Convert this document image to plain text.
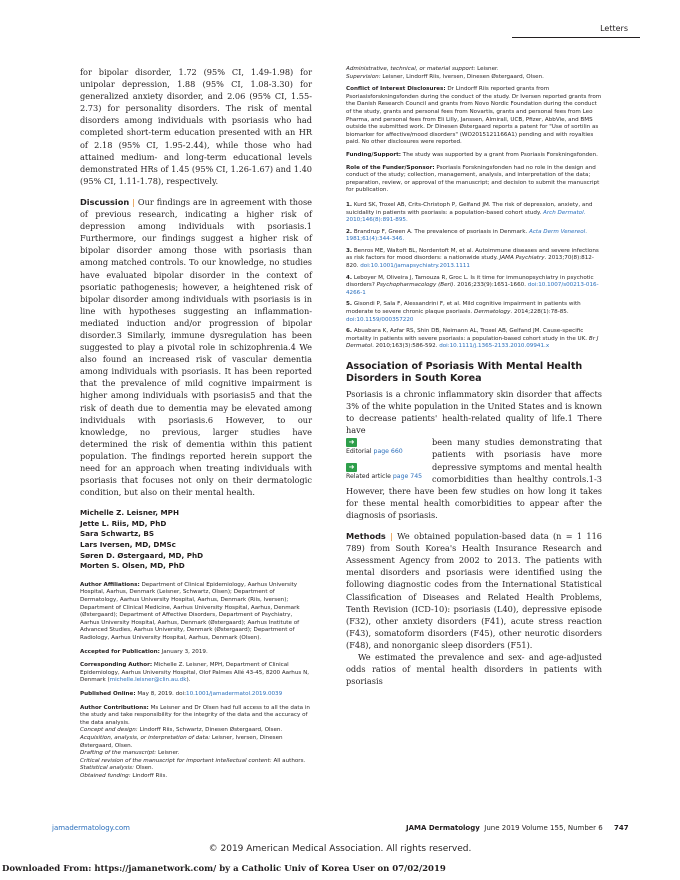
Letters

for bipolar disorder, 1.72 (95% CI, 1.49-1.98) for unipolar depression, 1.88 (95% CI, 1.08-3.30) for generalized anxiety disorder, and 2.06 (95% CI, 1.55-2.73) for personality disorders. The risk of mental disorders among individuals with psoriasis who had completed short-term education presented with an HR of 2.18 (95% CI, 1.95-2.44), while those who had attained medium- and long-term educational levels demonstrated HRs of 1.45 (95% CI, 1.26-1.67) and 1.40 (95% CI, 1.11-1.78), respectively.

Discussion | Our findings are in agreement with those of previous research, indicating a higher risk of depression among individuals with psoriasis.1 Furthermore, our findings suggest a higher risk of bipolar disorder among those with psoriasis than among matched controls. To our knowledge, no studies have evaluated bipolar disorder in the context of psoriatic pathogenesis; however, a heightened risk of bipolar disorder among individuals with psoriasis is in line with hypotheses suggesting an inflammation-mediated induction and/or progression of bipolar disorder.3 Similarly, immune dysregulation has been suggested to play a pivotal role in schizophrenia.4 We also found an increased risk of vascular dementia among individuals with psoriasis. It has been reported that the prevalence of mild cognitive impairment is higher among individuals with psoriasis5 and that the risk of death due to dementia may be elevated among individuals with psoriasis.6 However, to our knowledge, no previous, larger studies have determined the risk of dementia within this patient population. The findings reported herein support the need for an approach when treating individuals with psoriasis that focuses not only on their dermatologic condition, but also on their mental health.

Michelle Z. Leisner, MPH

Jette L. Riis, MD, PhD

Sara Schwartz, BS

Lars Iversen, MD, DMSc

Søren D. Østergaard, MD, PhD

Morten S. Olsen, MD, PhD

Author Affiliations: Department of Clinical Epidemiology, Aarhus University Hospital, Aarhus, Denmark (Leisner, Schwartz, Olsen); Department of Dermatology, Aarhus University Hospital, Aarhus, Denmark (Riis, Iversen); Department of Clinical Medicine, Aarhus University Hospital, Aarhus, Denmark (Østergaard); Department of Affective Disorders, Department of Psychiatry, Aarhus University Hospital, Aarhus, Denmark (Østergaard); Aarhus Institute of Advanced Studies, Aarhus University, Denmark (Østergaard); Department of Radiology, Aarhus University Hospital, Aarhus, Denmark (Olsen).

Accepted for Publication: January 3, 2019.

Corresponding Author: Michelle Z. Leisner, MPH, Department of Clinical Epidemiology, Aarhus University Hospital, Olof Palmes Allé 43-45, 8200 Aarhus N, Denmark (michelle.leisner@clin.au.dk).

Published Online: May 8, 2019. doi:10.1001/jamadermatol.2019.0039

Author Contributions: Ms Leisner and Dr Olsen had full access to all the data in the study and take responsibility for the integrity of the data and the accuracy of the data analysis.
Concept and design: Lindorff Riis, Schwartz, Dinesen Østergaard, Olsen.
Acquisition, analysis, or interpretation of data: Leisner, Iversen, Dinesen Østergaard, Olsen.
Drafting of the manuscript: Leisner.
Critical revision of the manuscript for important intellectual content: All authors.
Statistical analysis: Olsen.
Obtained funding: Lindorff Riis.

Administrative, technical, or material support: Leisner.
Supervision: Leisner, Lindorff Riis, Iversen, Dinesen Østergaard, Olsen.

Conflict of Interest Disclosures: Dr Lindorff Riis reported grants from Psoriasisforskningsfonden during the conduct of the study. Dr Iversen reported grants from the Danish Research Council and grants from Novo Nordic Foundation during the conduct of the study, grants and personal fees from Novartis, grants and personal fees from Leo Pharma, and personal fees from Eli Lilly, Janssen, Almirall, UCB, Pfizer, AbbVie, and BMS outside the submitted work. Dr Dinesen Østergaard reports a patent for "Use of sortilin as biomarker for affective/mood disorders" (WO2015121166A1) pending and with royalties paid. No other disclosures were reported.

Funding/Support: The study was supported by a grant from Psoriasis Forskningsfonden.

Role of the Funder/Sponsor: Psoriasis Forskningsfonden had no role in the design and conduct of the study; collection, management, analysis, and interpretation of the data; preparation, review, or approval of the manuscript; and decision to submit the manuscript for publication.

1. Kurd SK, Troxel AB, Crits-Christoph P, Gelfand JM. The risk of depression, anxiety, and suicidality in patients with psoriasis: a population-based cohort study. Arch Dermatol. 2010;146(8):891-895.

2. Brandrup F, Green A. The prevalence of psoriasis in Denmark. Acta Derm Venereol. 1981;61(4):344-346.

3. Benros ME, Waltoft BL, Nordentoft M, et al. Autoimmune diseases and severe infections as risk factors for mood disorders: a nationwide study. JAMA Psychiatry. 2013;70(8):812-820. doi:10.1001/jamapsychiatry.2013.1111

4. Leboyer M, Oliveira J, Tamouza R, Groc L. Is it time for immunopsychiatry in psychotic disorders? Psychopharmacology (Berl). 2016;233(9):1651-1660. doi:10.1007/s00213-016-4266-1

5. Gisondi P, Sala F, Alessandrini F, et al. Mild cognitive impairment in patients with moderate to severe chronic plaque psoriasis. Dermatology. 2014;228(1):78-85. doi:10.1159/000357220

6. Abuabara K, Azfar RS, Shin DB, Neimann AL, Troxel AB, Gelfand JM. Cause-specific mortality in patients with severe psoriasis: a population-based cohort study in the UK. Br J Dermatol. 2010;163(3):586-592. doi:10.1111/j.1365-2133.2010.09941.x

Association of Psoriasis With Mental Health Disorders in South Korea

Psoriasis is a chronic inflammatory skin disorder that affects 3% of the white population in the United States and is known to decrease patients' health-related quality of life.1 There have

➜
Editorial page 660
➜
Related article page 745

been many studies demonstrating that patients with psoriasis have more depressive symptoms and mental health comorbidities than healthy controls.1-3 However, there have been few studies on how long it takes for these mental health comorbidities to appear after the diagnosis of psoriasis.

Methods | We obtained population-based data (n = 1 116 789) from South Korea's Health Insurance Research and Assessment Agency from 2002 to 2013. The patients with mental disorders and psoriasis were identified using the following diagnostic codes from the International Statistical Classification of Diseases and Related Health Problems, Tenth Revision (ICD-10): psoriasis (L40), depressive episode (F32), other anxiety disorders (F41), acute stress reaction (F43), somatoform disorders (F45), other neurotic disorders (F48), and nonorganic sleep disorders (F51).

We estimated the prevalence and sex- and age-adjusted odds ratios of mental health disorders in patients with psoriasis

jamadermatology.com	JAMA Dermatology June 2019 Volume 155, Number 6 747
© 2019 American Medical Association. All rights reserved.
Downloaded From: https://jamanetwork.com/ by a Catholic Univ of Korea User on 07/02/2019
